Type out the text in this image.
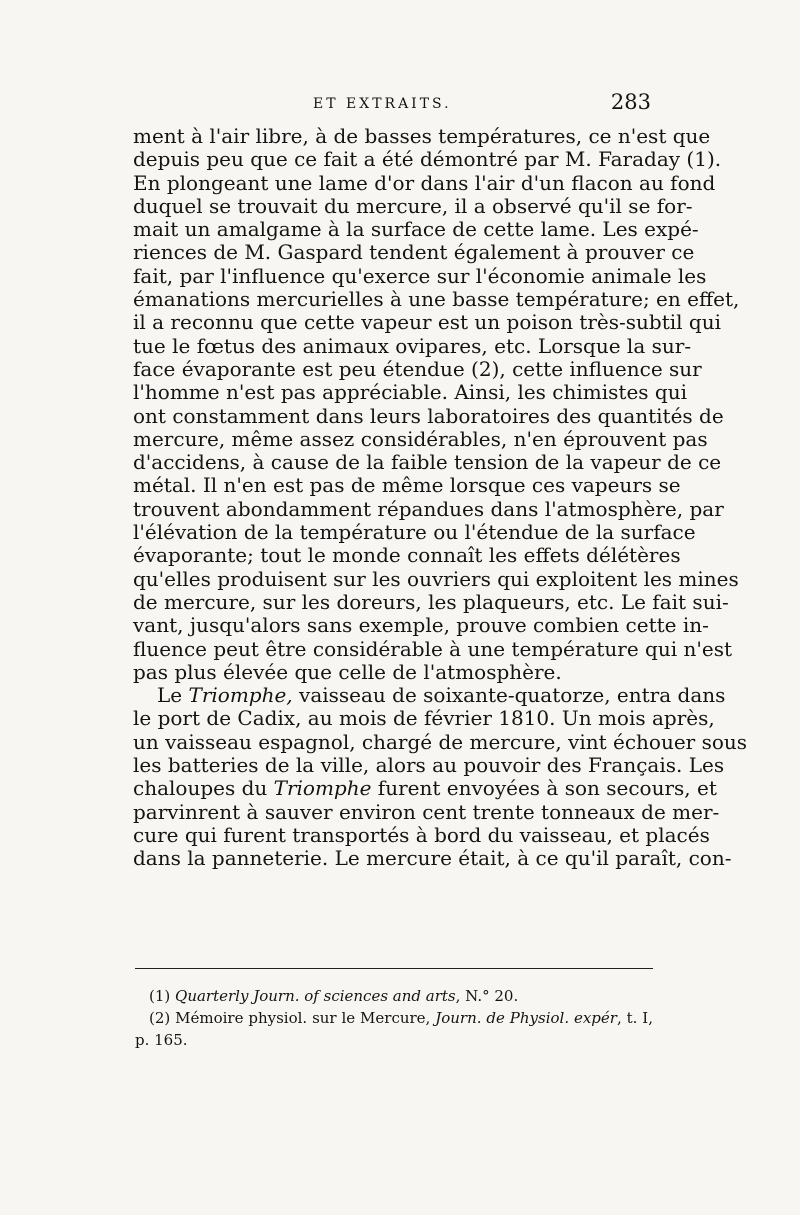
ET EXTRAITS.	283
ment à l'air libre, à de basses températures, ce n'est que
depuis peu que ce fait a été démontré par M. Faraday (1).
En plongeant une lame d'or dans l'air d'un flacon au fond
duquel se trouvait du mercure, il a observé qu'il se for-
mait un amalgame à la surface de cette lame. Les expé-
riences de M. Gaspard tendent également à prouver ce
fait, par l'influence qu'exerce sur l'économie animale les
émanations mercurielles à une basse température; en effet,
il a reconnu que cette vapeur est un poison très-subtil qui
tue le fœtus des animaux ovipares, etc. Lorsque la sur-
face évaporante est peu étendue (2), cette influence sur
l'homme n'est pas appréciable. Ainsi, les chimistes qui
ont constamment dans leurs laboratoires des quantités de
mercure, même assez considérables, n'en éprouvent pas
d'accidens, à cause de la faible tension de la vapeur de ce
métal. Il n'en est pas de même lorsque ces vapeurs se
trouvent abondamment répandues dans l'atmosphère, par
l'élévation de la température ou l'étendue de la surface
évaporante; tout le monde connaît les effets délétères
qu'elles produisent sur les ouvriers qui exploitent les mines
de mercure, sur les doreurs, les plaqueurs, etc. Le fait sui-
vant, jusqu'alors sans exemple, prouve combien cette in-
fluence peut être considérable à une température qui n'est
pas plus élevée que celle de l'atmosphère.
Le Triomphe, vaisseau de soixante-quatorze, entra dans
le port de Cadix, au mois de février 1810. Un mois après,
un vaisseau espagnol, chargé de mercure, vint échouer sous
les batteries de la ville, alors au pouvoir des Français. Les
chaloupes du Triomphe furent envoyées à son secours, et
parvinrent à sauver environ cent trente tonneaux de mer-
cure qui furent transportés à bord du vaisseau, et placés
dans la panneterie. Le mercure était, à ce qu'il paraît, con-
(1) Quarterly Journ. of sciences and arts, N.° 20.
(2) Mémoire physiol. sur le Mercure, Journ. de Physiol. expér, t. I,
p. 165.
